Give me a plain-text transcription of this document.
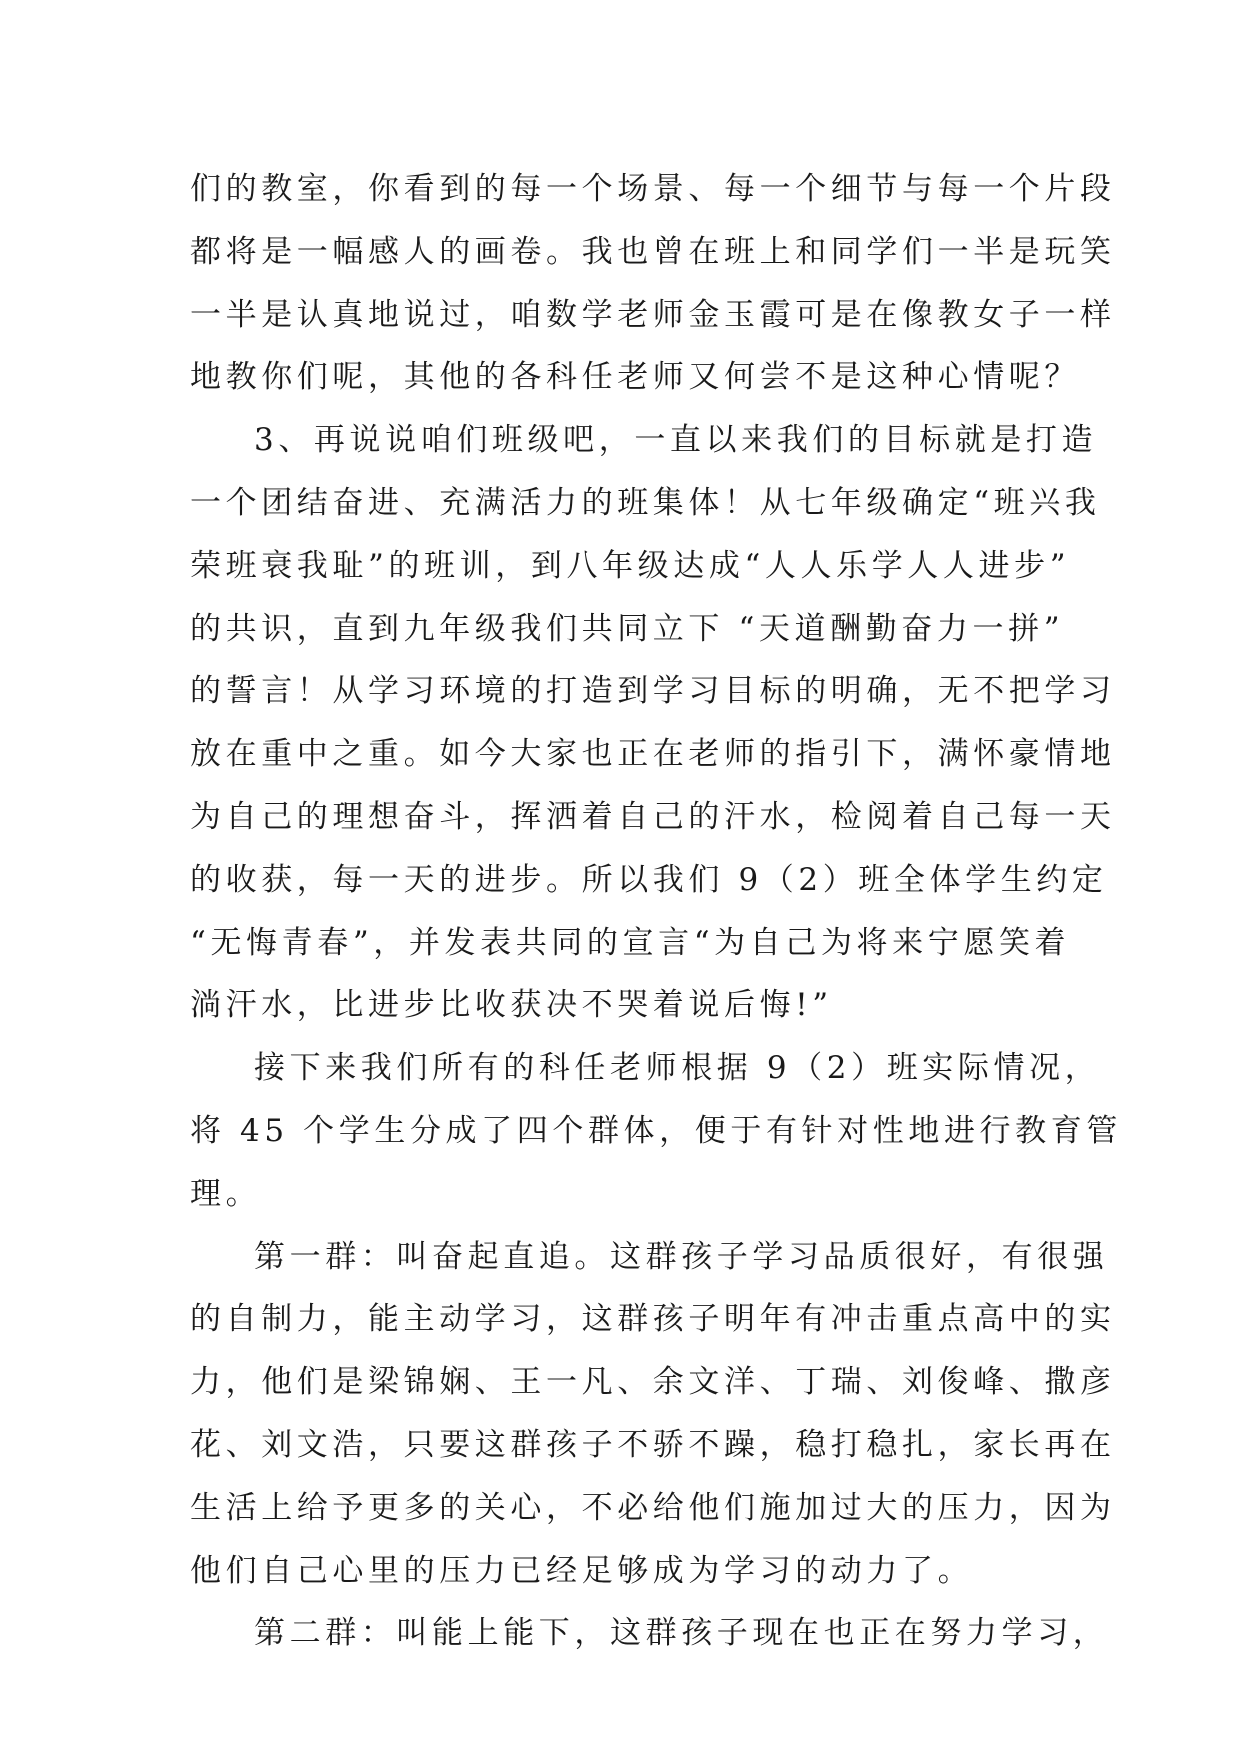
们的教室，你看到的每一个场景、每一个细节与每一个片段
都将是一幅感人的画卷。我也曾在班上和同学们一半是玩笑
一半是认真地说过，咱数学老师金玉霞可是在像教女子一样
地教你们呢，其他的各科任老师又何尝不是这种心情呢？
3、再说说咱们班级吧，一直以来我们的目标就是打造
一个团结奋进、充满活力的班集体！从七年级确定“班兴我
荣班衰我耻”的班训，到八年级达成“人人乐学人人进步”
的共识，直到九年级我们共同立下 “天道酬勤奋力一拼”
的誓言！从学习环境的打造到学习目标的明确，无不把学习
放在重中之重。如今大家也正在老师的指引下，满怀豪情地
为自己的理想奋斗，挥洒着自己的汗水，检阅着自己每一天
的收获，每一天的进步。所以我们 9（2）班全体学生约定
“无悔青春”，并发表共同的宣言“为自己为将来宁愿笑着
淌汗水，比进步比收获决不哭着说后悔!”
接下来我们所有的科任老师根据 9（2）班实际情况，
将 45 个学生分成了四个群体，便于有针对性地进行教育管
理。
第一群：叫奋起直追。这群孩子学习品质很好，有很强
的自制力，能主动学习，这群孩子明年有冲击重点高中的实
力，他们是梁锦娴、王一凡、余文洋、丁瑞、刘俊峰、撒彦
花、刘文浩，只要这群孩子不骄不躁，稳打稳扎，家长再在
生活上给予更多的关心，不必给他们施加过大的压力，因为
他们自己心里的压力已经足够成为学习的动力了。
第二群：叫能上能下，这群孩子现在也正在努力学习，
